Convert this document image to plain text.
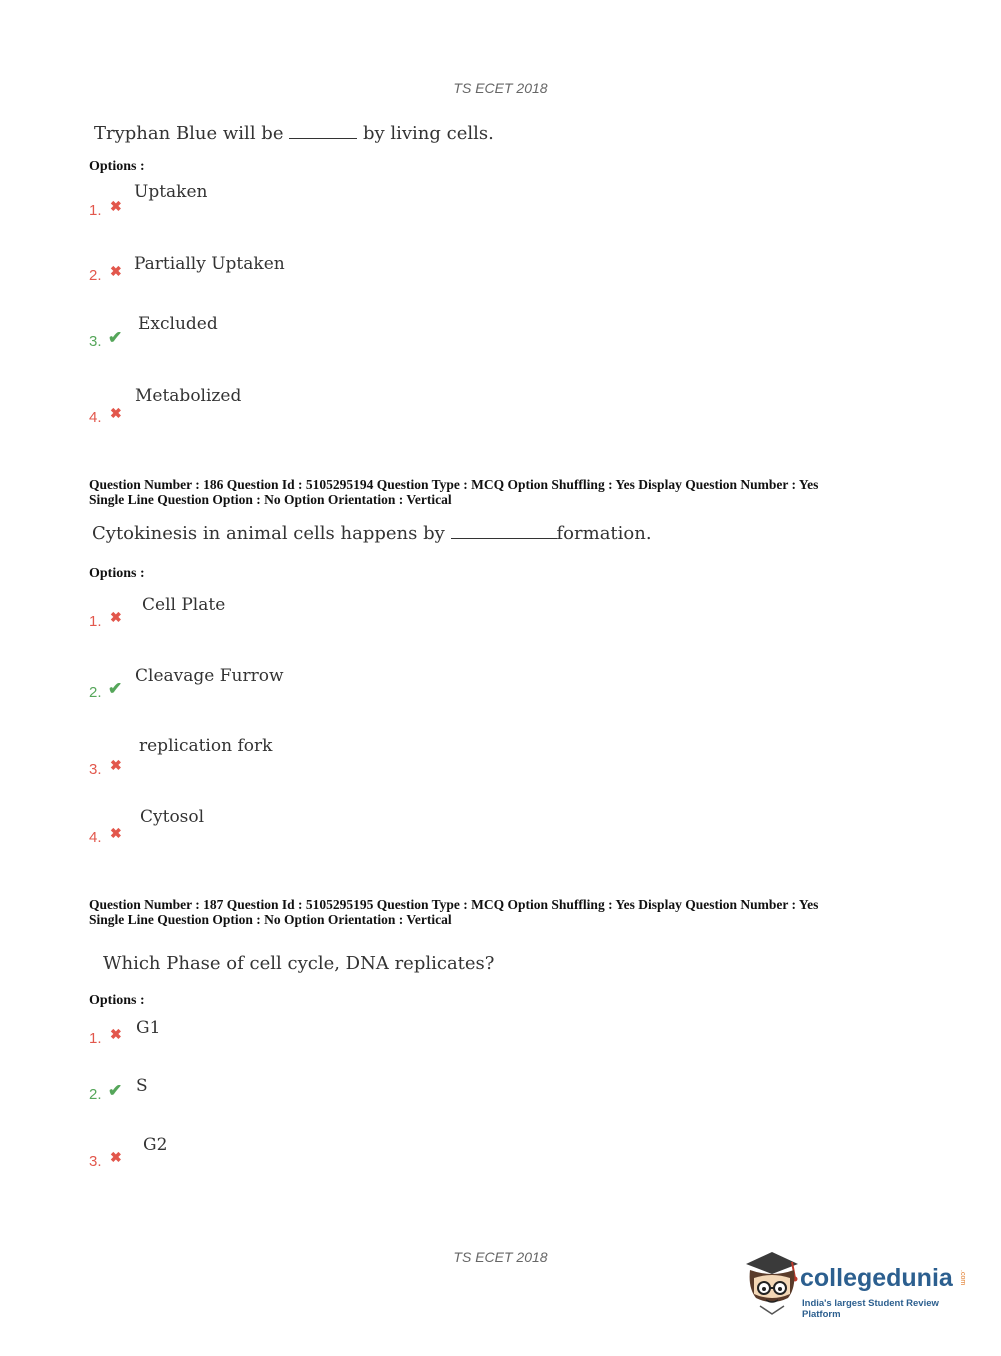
TS ECET 2018
Tryphan Blue will be	by living cells.
Options :
1. ✖
Uptaken
2. ✖ Partially Uptaken
3. ✔
Excluded
4. ✖
Metabolized
Question Number : 186 Question Id : 5105295194 Question Type : MCQ Option Shuffling : Yes Display Question Number : Yes
Single Line Question Option : No Option Orientation : Vertical
Cytokinesis in animal cells happens by	formation.
Options :
1. ✖
Cell Plate
2. ✔
Cleavage Furrow
3. ✖
replication fork
4. ✖
Cytosol
Question Number : 187 Question Id : 5105295195 Question Type : MCQ Option Shuffling : Yes Display Question Number : Yes
Single Line Question Option : No Option Orientation : Vertical
Which Phase of cell cycle, DNA replicates?
Options :
1. ✖ G1
2. ✔ S
3. ✖
G2
TS ECET 2018
collegedunia .com
India's largest Student Review Platform
